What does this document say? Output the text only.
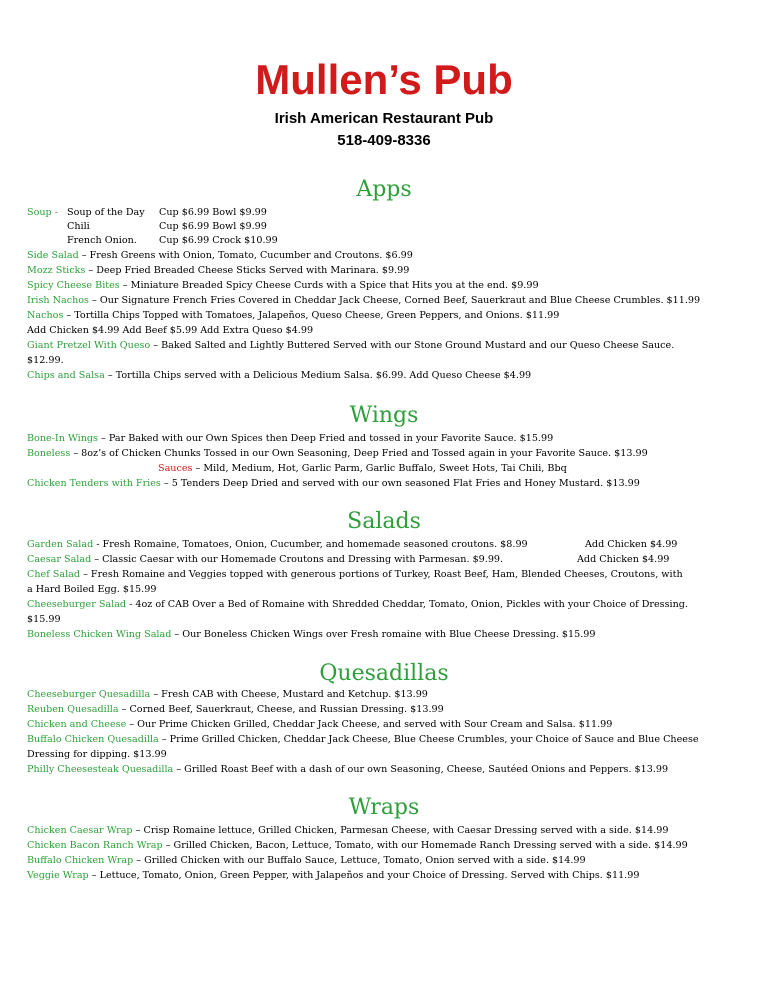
Mullen’s Pub
Irish American Restaurant Pub
518-409-8336
Apps
Soup - Soup of the Day Cup $6.99 Bowl $9.99
Chili	Cup $6.99 Bowl $9.99
French Onion. Cup $6.99 Crock $10.99
Side Salad – Fresh Greens with Onion, Tomato, Cucumber and Croutons. $6.99
Mozz Sticks – Deep Fried Breaded Cheese Sticks Served with Marinara. $9.99
Spicy Cheese Bites – Miniature Breaded Spicy Cheese Curds with a Spice that Hits you at the end. $9.99
Irish Nachos – Our Signature French Fries Covered in Cheddar Jack Cheese, Corned Beef, Sauerkraut and Blue Cheese Crumbles. $11.99
Nachos – Tortilla Chips Topped with Tomatoes, Jalapeños, Queso Cheese, Green Peppers, and Onions. $11.99
Add Chicken $4.99 Add Beef $5.99 Add Extra Queso $4.99
Giant Pretzel With Queso – Baked Salted and Lightly Buttered Served with our Stone Ground Mustard and our Queso Cheese Sauce.
$12.99.
Chips and Salsa – Tortilla Chips served with a Delicious Medium Salsa. $6.99. Add Queso Cheese $4.99
Wings
Bone-In Wings – Par Baked with our Own Spices then Deep Fried and tossed in your Favorite Sauce. $15.99
Boneless – 8oz’s of Chicken Chunks Tossed in our Own Seasoning, Deep Fried and Tossed again in your Favorite Sauce. $13.99
Sauces – Mild, Medium, Hot, Garlic Parm, Garlic Buffalo, Sweet Hots, Tai Chili, Bbq
Chicken Tenders with Fries – 5 Tenders Deep Dried and served with our own seasoned Flat Fries and Honey Mustard. $13.99
Salads
Garden Salad - Fresh Romaine, Tomatoes, Onion, Cucumber, and homemade seasoned croutons. $8.99	Add Chicken $4.99
Caesar Salad – Classic Caesar with our Homemade Croutons and Dressing with Parmesan. $9.99.	Add Chicken $4.99
Chef Salad – Fresh Romaine and Veggies topped with generous portions of Turkey, Roast Beef, Ham, Blended Cheeses, Croutons, with
a Hard Boiled Egg. $15.99
Cheeseburger Salad - 4oz of CAB Over a Bed of Romaine with Shredded Cheddar, Tomato, Onion, Pickles with your Choice of Dressing.
$15.99
Boneless Chicken Wing Salad – Our Boneless Chicken Wings over Fresh romaine with Blue Cheese Dressing. $15.99
Quesadillas
Cheeseburger Quesadilla – Fresh CAB with Cheese, Mustard and Ketchup. $13.99
Reuben Quesadilla – Corned Beef, Sauerkraut, Cheese, and Russian Dressing. $13.99
Chicken and Cheese – Our Prime Chicken Grilled, Cheddar Jack Cheese, and served with Sour Cream and Salsa. $11.99
Buffalo Chicken Quesadilla – Prime Grilled Chicken, Cheddar Jack Cheese, Blue Cheese Crumbles, your Choice of Sauce and Blue Cheese
Dressing for dipping. $13.99
Philly Cheesesteak Quesadilla – Grilled Roast Beef with a dash of our own Seasoning, Cheese, Sautéed Onions and Peppers. $13.99
Wraps
Chicken Caesar Wrap – Crisp Romaine lettuce, Grilled Chicken, Parmesan Cheese, with Caesar Dressing served with a side. $14.99
Chicken Bacon Ranch Wrap – Grilled Chicken, Bacon, Lettuce, Tomato, with our Homemade Ranch Dressing served with a side. $14.99
Buffalo Chicken Wrap – Grilled Chicken with our Buffalo Sauce, Lettuce, Tomato, Onion served with a side. $14.99
Veggie Wrap – Lettuce, Tomato, Onion, Green Pepper, with Jalapeños and your Choice of Dressing. Served with Chips. $11.99
